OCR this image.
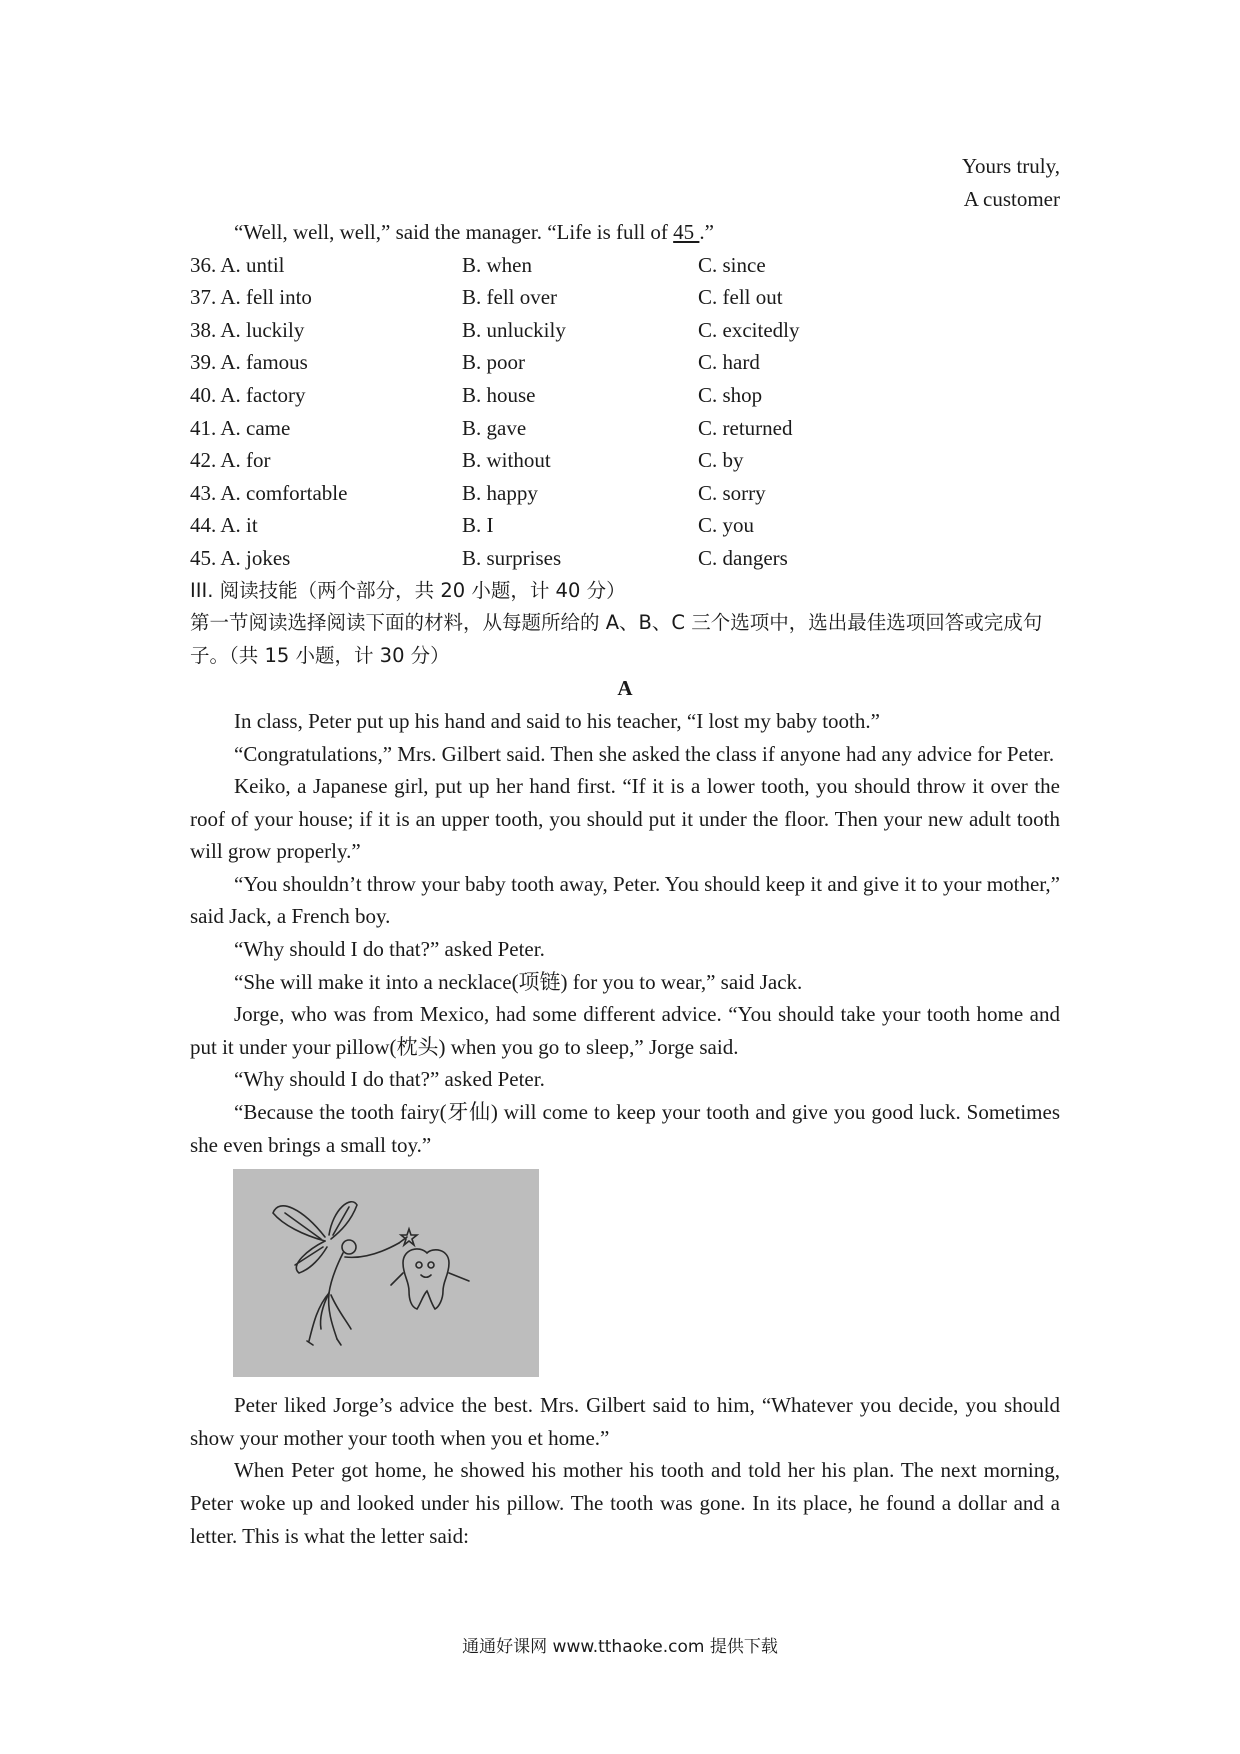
Yours truly,
A customer

“Well, well, well,” said the manager. “Life is full of 45 .”

36. A. until	B. when	C. since
37. A. fell into	B. fell over	C. fell out
38. A. luckily	B. unluckily	C. excitedly
39. A. famous	B. poor	C. hard
40. A. factory	B. house	C. shop
41. A. came	B. gave	C. returned
42. A. for	B. without	C. by
43. A. comfortable	B. happy	C. sorry
44. A. it	B. I	C. you
45. A. jokes	B. surprises	C. dangers
III. 阅读技能（两个部分，共 20 小题，计 40 分）
第一节阅读选择阅读下面的材料，从每题所给的 A、B、C 三个选项中，选出最佳选项回答或完成句子。（共 15 小题，计 30 分）
A

In class, Peter put up his hand and said to his teacher, “I lost my baby tooth.”

“Congratulations,” Mrs. Gilbert said. Then she asked the class if anyone had any advice for Peter.

Keiko, a Japanese girl, put up her hand first. “If it is a lower tooth, you should throw it over the roof of your house; if it is an upper tooth, you should put it under the floor. Then your new adult tooth will grow properly.”

“You shouldn’t throw your baby tooth away, Peter. You should keep it and give it to your mother,” said Jack, a French boy.

“Why should I do that?” asked Peter.

“She will make it into a necklace(项链) for you to wear,” said Jack.

Jorge, who was from Mexico, had some different advice. “You should take your tooth home and put it under your pillow(枕头) when you go to sleep,” Jorge said.

“Why should I do that?” asked Peter.

“Because the tooth fairy(牙仙) will come to keep your tooth and give you good luck. Sometimes she even brings a small toy.”

Peter liked Jorge’s advice the best. Mrs. Gilbert said to him, “Whatever you decide, you should show your mother your tooth when you et home.”

When Peter got home, he showed his mother his tooth and told her his plan. The next morning, Peter woke up and looked under his pillow. The tooth was gone. In its place, he found a dollar and a letter. This is what the letter said:

通通好课网 www.tthaoke.com 提供下载
